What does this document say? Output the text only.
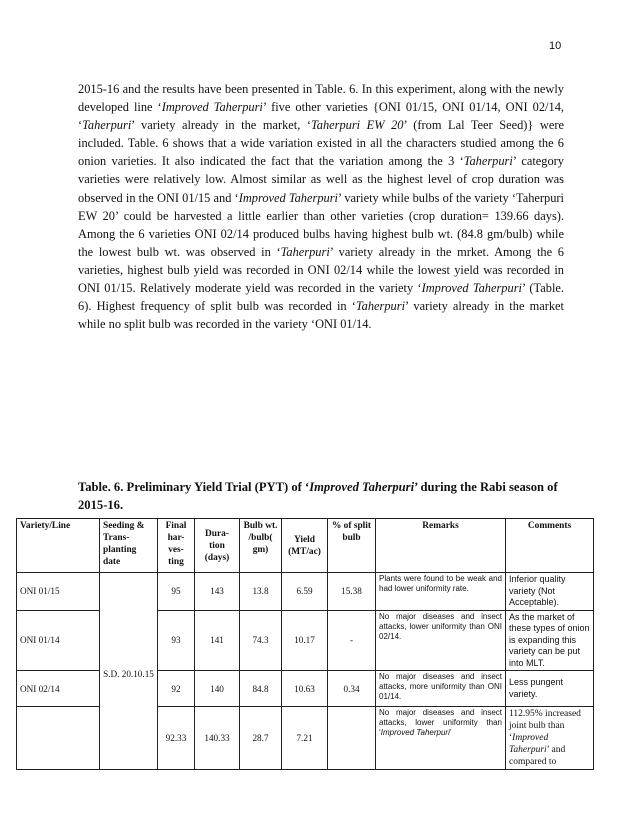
10

2015-16 and the results have been presented in Table. 6. In this experiment, along with the newly developed line ‘Improved Taherpuri’ five other varieties {ONI 01/15, ONI 01/14, ONI 02/14, ‘Taherpuri’ variety already in the market, ‘Taherpuri EW 20’ (from Lal Teer Seed)} were included. Table. 6 shows that a wide variation existed in all the characters studied among the 6 onion varieties. It also indicated the fact that the variation among the 3 ‘Taherpuri’ category varieties were relatively low. Almost similar as well as the highest level of crop duration was observed in the ONI 01/15 and ‘Improved Taherpuri’ variety while bulbs of the variety ‘Taherpuri EW 20’ could be harvested a little earlier than other varieties (crop duration= 139.66 days). Among the 6 varieties ONI 02/14 produced bulbs having highest bulb wt. (84.8 gm/bulb) while the lowest bulb wt. was observed in ‘Taherpuri’ variety already in the mrket. Among the 6 varieties, highest bulb yield was recorded in ONI 02/14 while the lowest yield was recorded in ONI 01/15. Relatively moderate yield was recorded in the variety ‘Improved Taherpuri’ (Table. 6). Highest frequency of split bulb was recorded in ‘Taherpuri’ variety already in the market while no split bulb was recorded in the variety ‘ONI 01/14.

Table. 6. Preliminary Yield Trial (PYT) of ‘Improved Taherpuri’ during the Rabi season of 2015-16.
Variety/Line	Seeding & Trans-planting date	Final har-ves-ting	Dura-tion (days)	Bulb wt. /bulb( gm)	Yield (MT/ac)	% of split bulb	Remarks	Comments
ONI 01/15	S.D. 20.10.15	95	143	13.8	6.59	15.38	Plants were found to be weak and had lower uniformity rate.	Inferior quality variety (Not Acceptable).
ONI 01/14		93	141	74.3	10.17	-	No major diseases and insect attacks, lower uniformity than ONI 02/14.	As the market of these types of onion is expanding this variety can be put into MLT.
ONI 02/14		92	140	84.8	10.63	0.34	No major diseases and insect attacks, more uniformity than ONI 01/14.	Less pungent variety.
		92.33	140.33	28.7	7.21		No major diseases and insect attacks, lower uniformity than ‘Improved Taherpuri’	112.95% increased joint bulb than ‘Improved Taherpuri’ and compared to
